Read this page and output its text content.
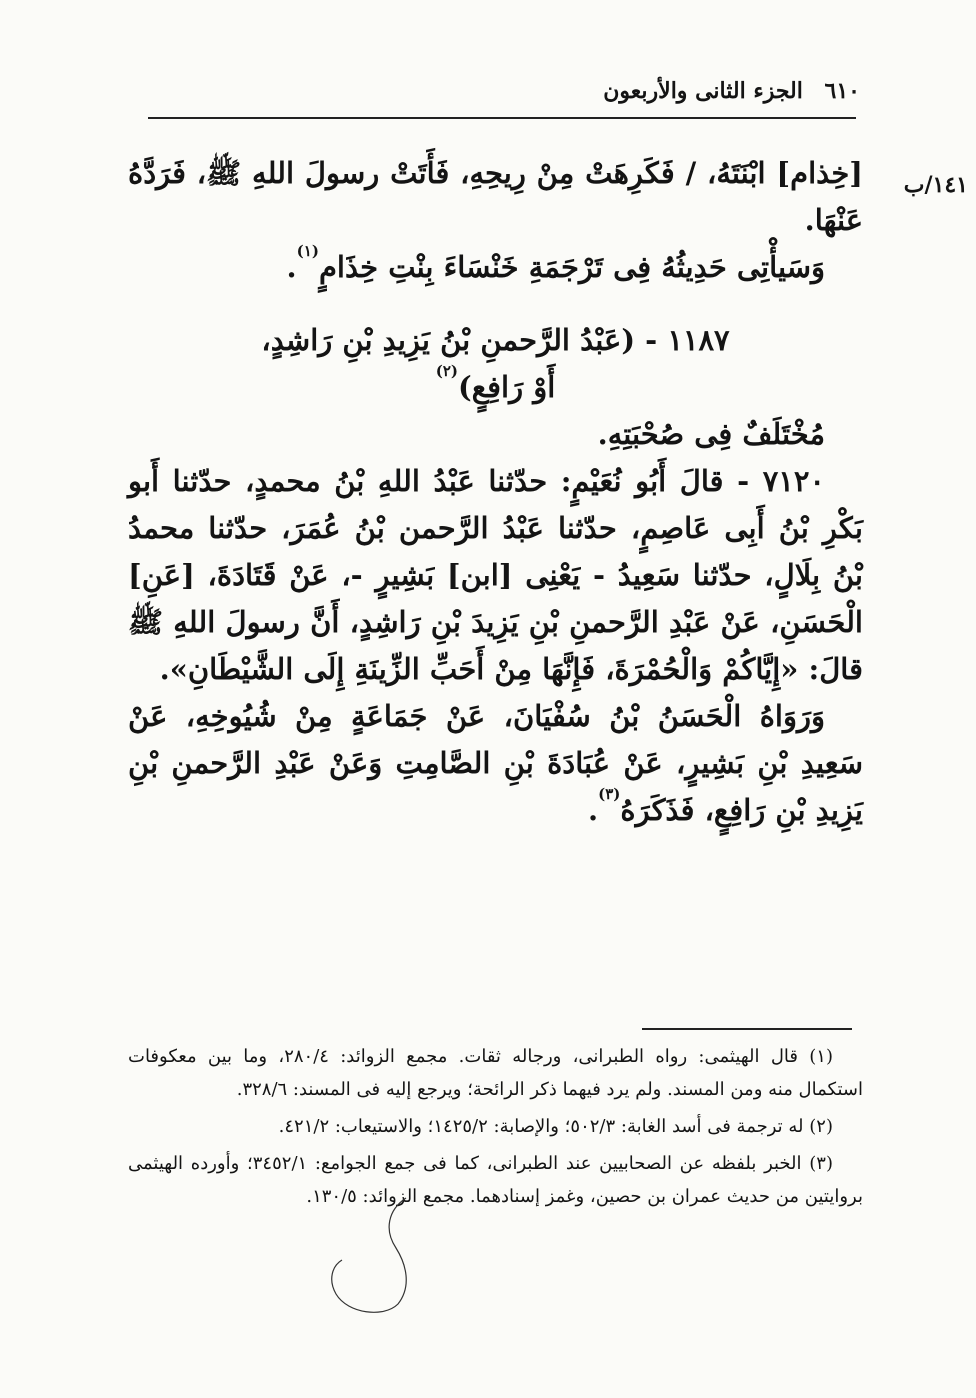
٦١٠ الجزء الثانى والأربعون
١٤١/ب

[خِذام] ابْنَتَهُ، / فَكَرِهَتْ مِنْ رِيحِهِ، فَأَتَتْ رسولَ اللهِ ﷺ، فَرَدَّهُ عَنْهَا.

وَسَيأْتِى حَدِيثُهُ فِى تَرْجَمَةِ خَنْسَاءَ بِنْتِ خِذَامٍ$^{(١)}$.

١١٨٧ - (عَبْدُ الرَّحمنِ بْنُ يَزِيدِ بْنِ رَاشِدٍ،

أَوْ رَافِعٍ)$^{(٢)}$

مُخْتَلَفٌ فِى صُحْبَتِهِ.

٧١٢٠ - قالَ أَبُو نُعَيْمٍ: حدّثنا عَبْدُ اللهِ بْنُ محمدٍ، حدّثنا أَبو بَكْرِ بْنُ أَبِى عَاصِمٍ، حدّثنا عَبْدُ الرَّحمن بْنُ عُمَرَ، حدّثنا محمدُ بْنُ بِلَالٍ، حدّثنا سَعِيدُ - يَعْنِى [ابن] بَشِيرٍ -، عَنْ قَتَادَةَ، [عَنِ] الْحَسَنِ، عَنْ عَبْدِ الرَّحمنِ بْنِ يَزِيدَ بْنِ رَاشِدٍ، أَنَّ رسولَ اللهِ ﷺ قالَ: «إِيَّاكُمْ وَالْحُمْرَةَ، فَإِنَّهَا مِنْ أَحَبِّ الزِّينَةِ إِلَى الشَّيْطَانِ».

وَرَوَاهُ الْحَسَنُ بْنُ سُفْيَانَ، عَنْ جَمَاعَةٍ مِنْ شُيُوخِهِ، عَنْ سَعِيدِ بْنِ بَشِيرٍ، عَنْ عُبَادَةَ بْنِ الصَّامِتِ وَعَنْ عَبْدِ الرَّحمنِ بْنِ يَزِيدِ بْنِ رَافِعٍ، فَذَكَرَهُ$^{(٣)}$.

(١) قال الهيثمى: رواه الطبرانى، ورجاله ثقات. مجمع الزوائد: ٢٨٠/٤، وما بين معكوفات استكمال منه ومن المسند. ولم يرد فيهما ذكر الرائحة؛ ويرجع إليه فى المسند: ٣٢٨/٦.

(٢) له ترجمة فى أسد الغابة: ٥٠٢/٣؛ والإصابة: ١٤٢٥/٢؛ والاستيعاب: ٤٢١/٢.

(٣) الخبر بلفظه عن الصحابيين عند الطبرانى، كما فى جمع الجوامع: ٣٤٥٢/١؛ وأورده الهيثمى بروايتين من حديث عمران بن حصين، وغمز إسنادهما. مجمع الزوائد: ١٣٠/٥.
